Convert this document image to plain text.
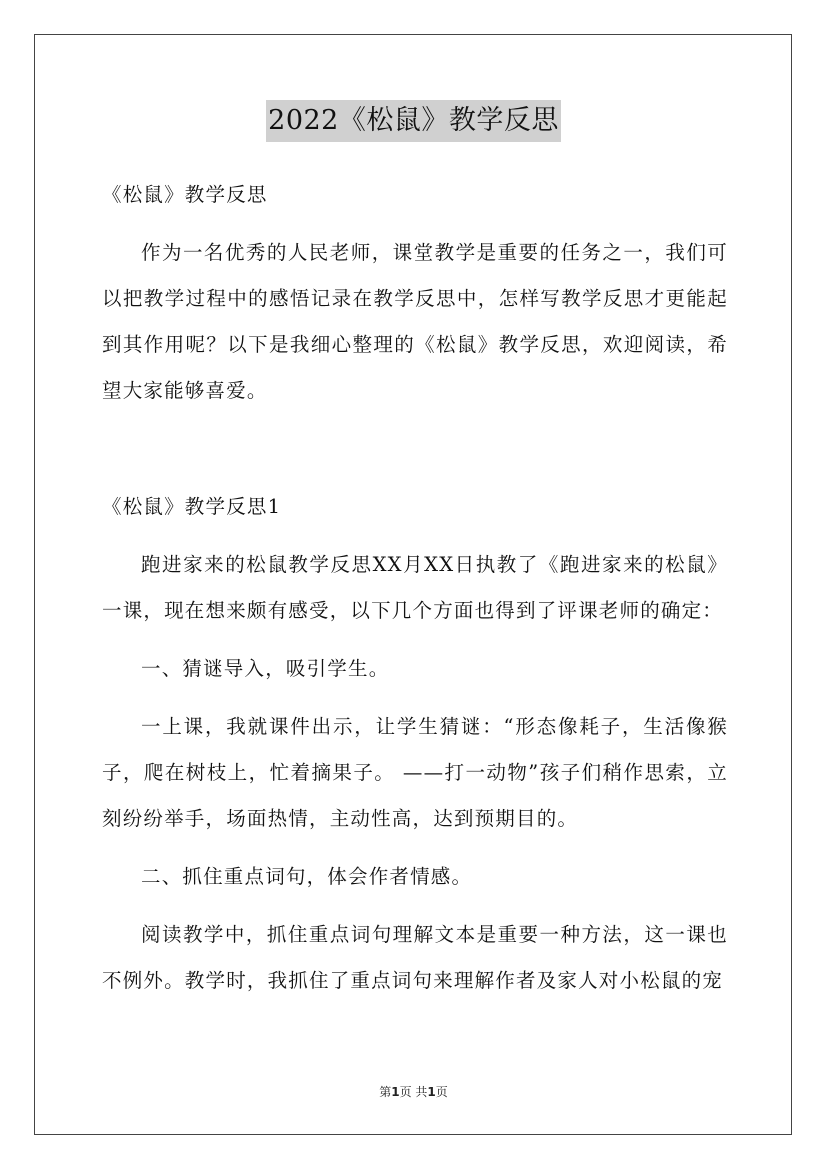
2022《松鼠》教学反思

《松鼠》教学反思

作为一名优秀的人民老师，课堂教学是重要的任务之一，我们可以把教学过程中的感悟记录在教学反思中，怎样写教学反思才更能起到其作用呢？以下是我细心整理的《松鼠》教学反思，欢迎阅读，希望大家能够喜爱。

《松鼠》教学反思1

跑进家来的松鼠教学反思XX月XX日执教了《跑进家来的松鼠》一课，现在想来颇有感受，以下几个方面也得到了评课老师的确定：

一、猜谜导入，吸引学生。

一上课，我就课件出示，让学生猜谜：“形态像耗子，生活像猴子，爬在树枝上，忙着摘果子。 ——打一动物”孩子们稍作思索，立刻纷纷举手，场面热情，主动性高，达到预期目的。

二、抓住重点词句，体会作者情感。

阅读教学中，抓住重点词句理解文本是重要一种方法，这一课也不例外。教学时，我抓住了重点词句来理解作者及家人对小松鼠的宠

第1页 共1页
